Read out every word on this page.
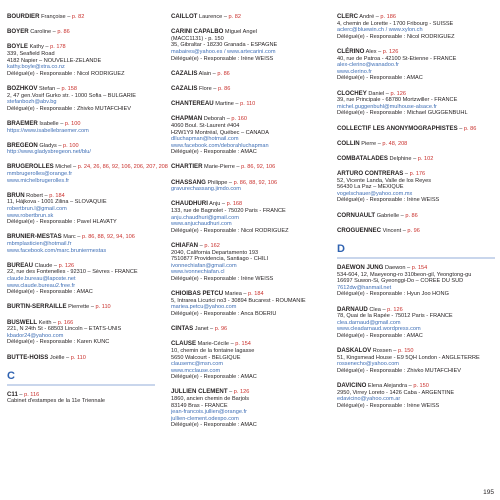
BOURDIER Françoise – p. 82
BOYER Caroline – p. 86
BOYLE Kathy – p. 178
339, Seafield Road
4182 Napier – NOUVELLE-ZÉLANDE
kathy.boyle@xtra.co.nz
Délégué(e) - Responsable : Nicol RODRIGUEZ
BOZHKOV Stefan – p. 158
2, 47 gen.Vosif Gurko str. - 1000 Sofia – BULGARIE
stefanbozh@abv.bg
Délégué(e) - Responsable : Zhivko MUTAFCHIEV
BRAEMER Isabelle – p. 100
https://www.isabellebraemer.com
BREGEON Gladys – p. 100
http://www.gladysbregeon.net/blu/
BRUGEROLLES Michel – p. 24, 26, 86, 92, 106, 206, 207, 208
mmbrugerolles@orange.fr
www.michelbrugerolles.fr
BRUN Robert – p. 184
11, Hájkova - 1001 Zilina – SLOVAQUIE
robertbrun.l@gmail.com
www.robertbrun.sk
Délégué(e) - Responsable : Pavel HLAVATÝ
BRUNIER-MESTAS Marc – p. 86, 88, 92, 94, 106
mbmplasticien@hotmail.fr
www.facebook.com/marc.bruniermestas
BUREAU Claude – p. 126
22, rue des Fontenelles - 92310 – Sèvres - FRANCE
claude.bureau@laposte.net
www.claude.bureau2.free.fr
Délégué(e) - Responsable : AMAC
BURTIN-SERRAILLE Pierrette – p. 110
BUSWELL Keith – p. 166
221, N 24th St - 68503 Lincoln – ÉTATS-UNIS
kbador24@yahoo.com
Délégué(e) - Responsable : Karen KUNC
BUTTE-HOISS Joëlle – p. 110
C
C11 – p. 116
Cabinet d'estampes de la 11e Triennale
CAILLOT Laurence – p. 82
CARINI CAPALBO Miguel Angel
(MACC1131) - p. 150
35, Gibraltar - 18230 Granada - ESPAGNE
mabaires@yahoo.es / www.artecarini.com
Délégué(e) - Responsable : Irène WEISS
CAZALIS Alain – p. 86
CAZALIS Flore – p. 86
CHANTEREAU Martine – p. 110
CHAPMAN Deborah – p. 160
4060 Boul. St-Laurent #404
H2W1Y9 Montréal, Québec – CANADA
dlluchapman@hotmail.com
www.facebook.com/deborahluchapman
Délégué(e) - Responsable : AMAC
CHARTIER Marie-Pierre – p. 86, 92, 106
CHASSANG Philippe – p. 86, 88, 92, 106
gravurechassang.jimdo.com
CHAUDHURI Anju – p. 168
133, rue de Bagnolet - 75020 Paris - FRANCE
anju.chaudhuri@gmail.com
www.anjuchaudhuri.com
Délégué(e) - Responsable : Nicol RODRIGUEZ
CHIAFAN – p. 162
2040, California Departamento 193
7510877 Providencia, Santiago - CHILI
ivonnechiafan@gmail.com
www.ivonnechiafan.cl
Délégué(e) - Responsable : Irène WEISS
CHIOIBAS PETCU Mariea – p. 184
5, Intrarea Licurici no3 - 30894 Bucarest - ROUMANIE
mariea.petcu@yahoo.com
Délégué(e) - Responsable : Anca BOERIU
CINTAS Janet – p. 96
CLAUSE Marie-Cécile – p. 154
10, chemin de la fontaine lagasse
5650 Walcourt - BELGIQUE
clausemc@msn.com
www.mcclause.com
Délégué(e) - Responsable : AMAC
JULLIEN CLEMENT – p. 126
1860, ancien chemin de Barjols
83149 Bras - FRANCE
jean-francois.jullien@orange.fr
jullien-clement.odexpo.com
Délégué(e) - Responsable : AMAC
CLERC André – p. 186
4, chemin de Lorette - 1700 Fribourg - SUISSE
aclerc@bluewin.ch / www.xylon.ch
Délégué(e) - Responsable : Nicol RODRIGUEZ
CLÉRINO Alex – p. 126
40, rue de Patroa - 42100 St-Étienne - FRANCE
alex-clerino@wanadoo.fr
www.clerino.fr
Délégué(e) - Responsable : AMAC
CLOCHEY Daniel – p. 126
39, rue Principale - 68780 Mortzwiller - FRANCE
michel.guggenbuhl@mulhouse-alsace.fr
Délégué(e) - Responsable : Michael GUGGENBUHL
COLLECTIF LES ANONYMOGRAPHISTES – p. 86
COLLIN Pierre – p. 48, 208
COMBATALADES Delphine – p. 102
ARTURO CONTRERAS – p. 176
52, Vicente Landa, Valle de los Reyes
56430 La Paz – MEXIQUE
vogelschauer@yahoo.com.mx
Délégué(e) - Responsable : Irène WEISS
CORNUAULT Gabrielle – p. 86
CROGUENNEC Vincent – p. 96
D
DAEWON JUNG Daewon – p. 154
534-604, 12, Maeyeong-ro 310beon-gil, Yeongtong-gu
16697 Suwon-Si, Gyeonggi-Do – CORÉE DU SUD
7612dw@hanmail.net
Délégué(e) - Responsable : Hyun Joo HONG
DARNAUD Clea – p. 126
78, Quai de la Rapée - 75012 Paris - FRANCE
clea.darnaud@gmail.com
www.cleadarnaud.wordpress.com
Délégué(e) - Responsable : AMAC
DASKALOV Rossen – p. 150
51, Kingsmead House - E9 5QH London - ANGLETERRE
rossenecho@yahoo.com
Délégué(e) - Responsable : Zhivko MUTAFCHIEV
DAVICINO Elena Alejandra – p. 150
2950, Virrey Loreto - 1426 Caba - ARGENTINE
edavicino@yahoo.com.ar
Délégué(e) - Responsable : Irène WEISS
195
